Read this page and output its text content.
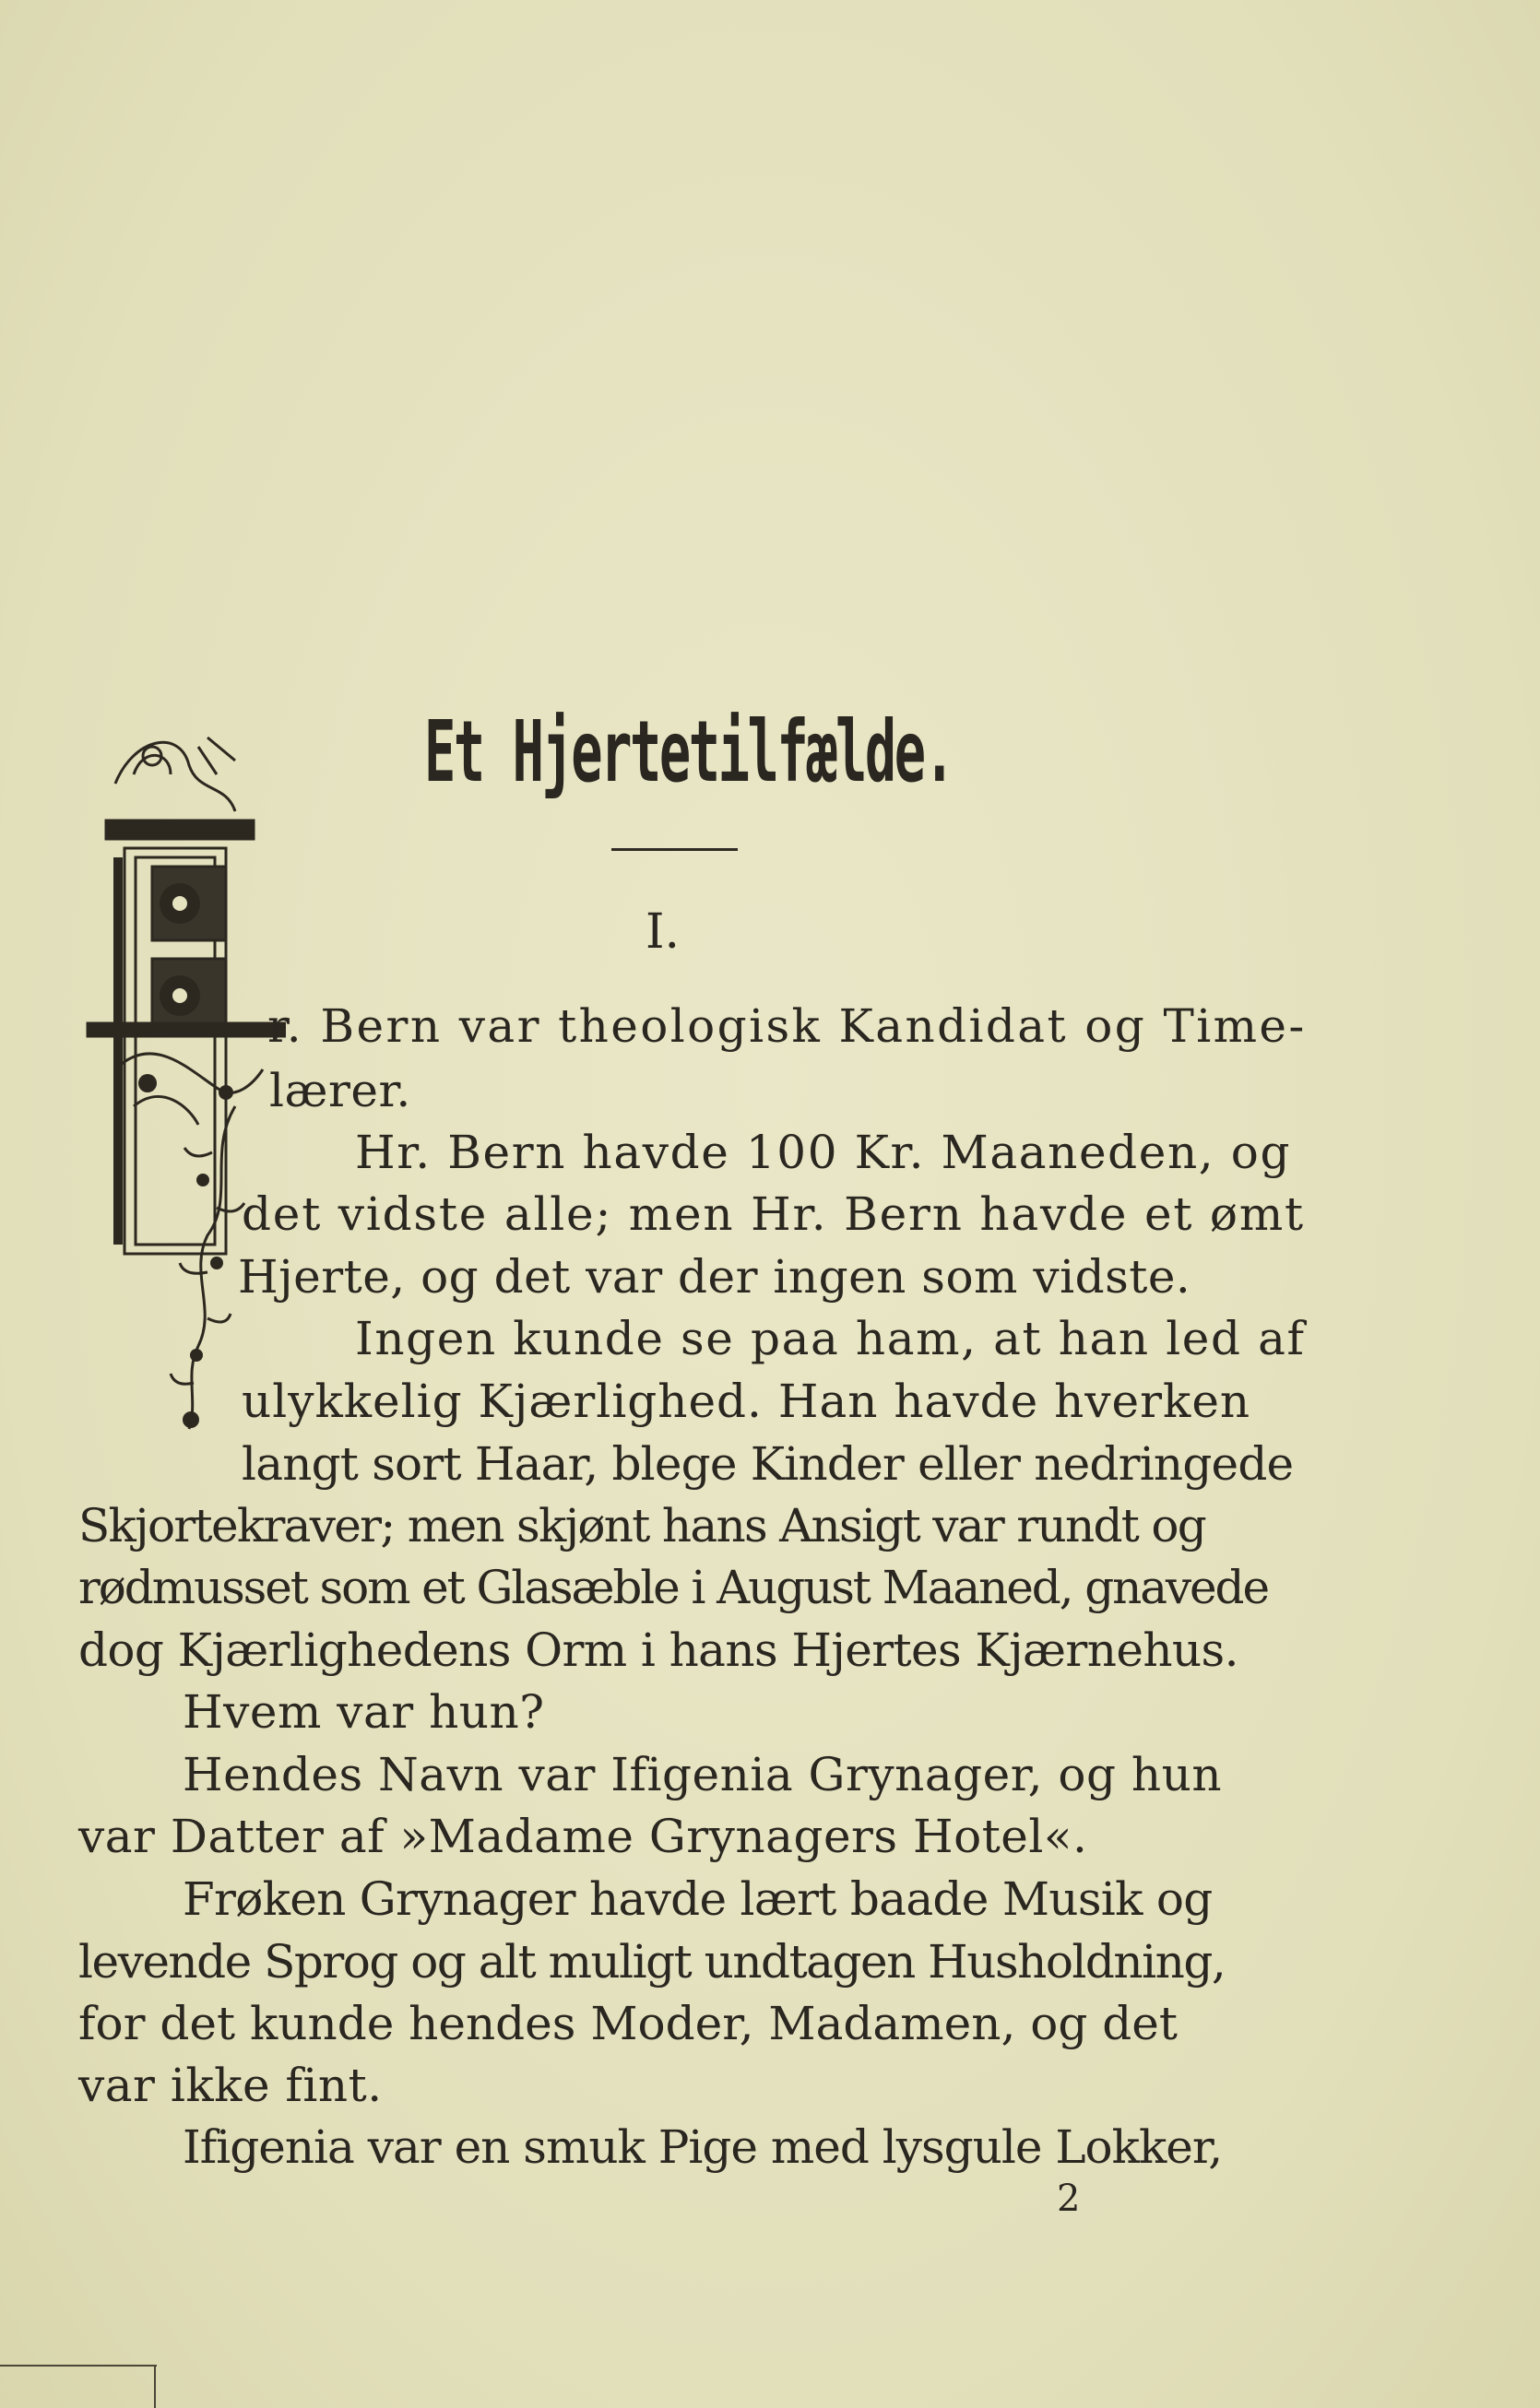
Et Hjertetilfælde.
I.
r. Bern var theologisk Kandidat og Time-
lærer.
Hr. Bern havde 100 Kr. Maaneden, og
det vidste alle; men Hr. Bern havde et ømt
Hjerte, og det var der ingen som vidste.
Ingen kunde se paa ham, at han led af
ulykkelig Kjærlighed. Han havde hverken
langt sort Haar, blege Kinder eller nedringede
Skjortekraver; men skjønt hans Ansigt var rundt og
rødmusset som et Glasæble i August Maaned, gnavede
dog Kjærlighedens Orm i hans Hjertes Kjærnehus.
Hvem var hun?
Hendes Navn var Ifigenia Grynager, og hun
var Datter af »Madame Grynagers Hotel«.
Frøken Grynager havde lært baade Musik og
levende Sprog og alt muligt undtagen Husholdning,
for det kunde hendes Moder, Madamen, og det
var ikke fint.
Ifigenia var en smuk Pige med lysgule Lokker,
2
